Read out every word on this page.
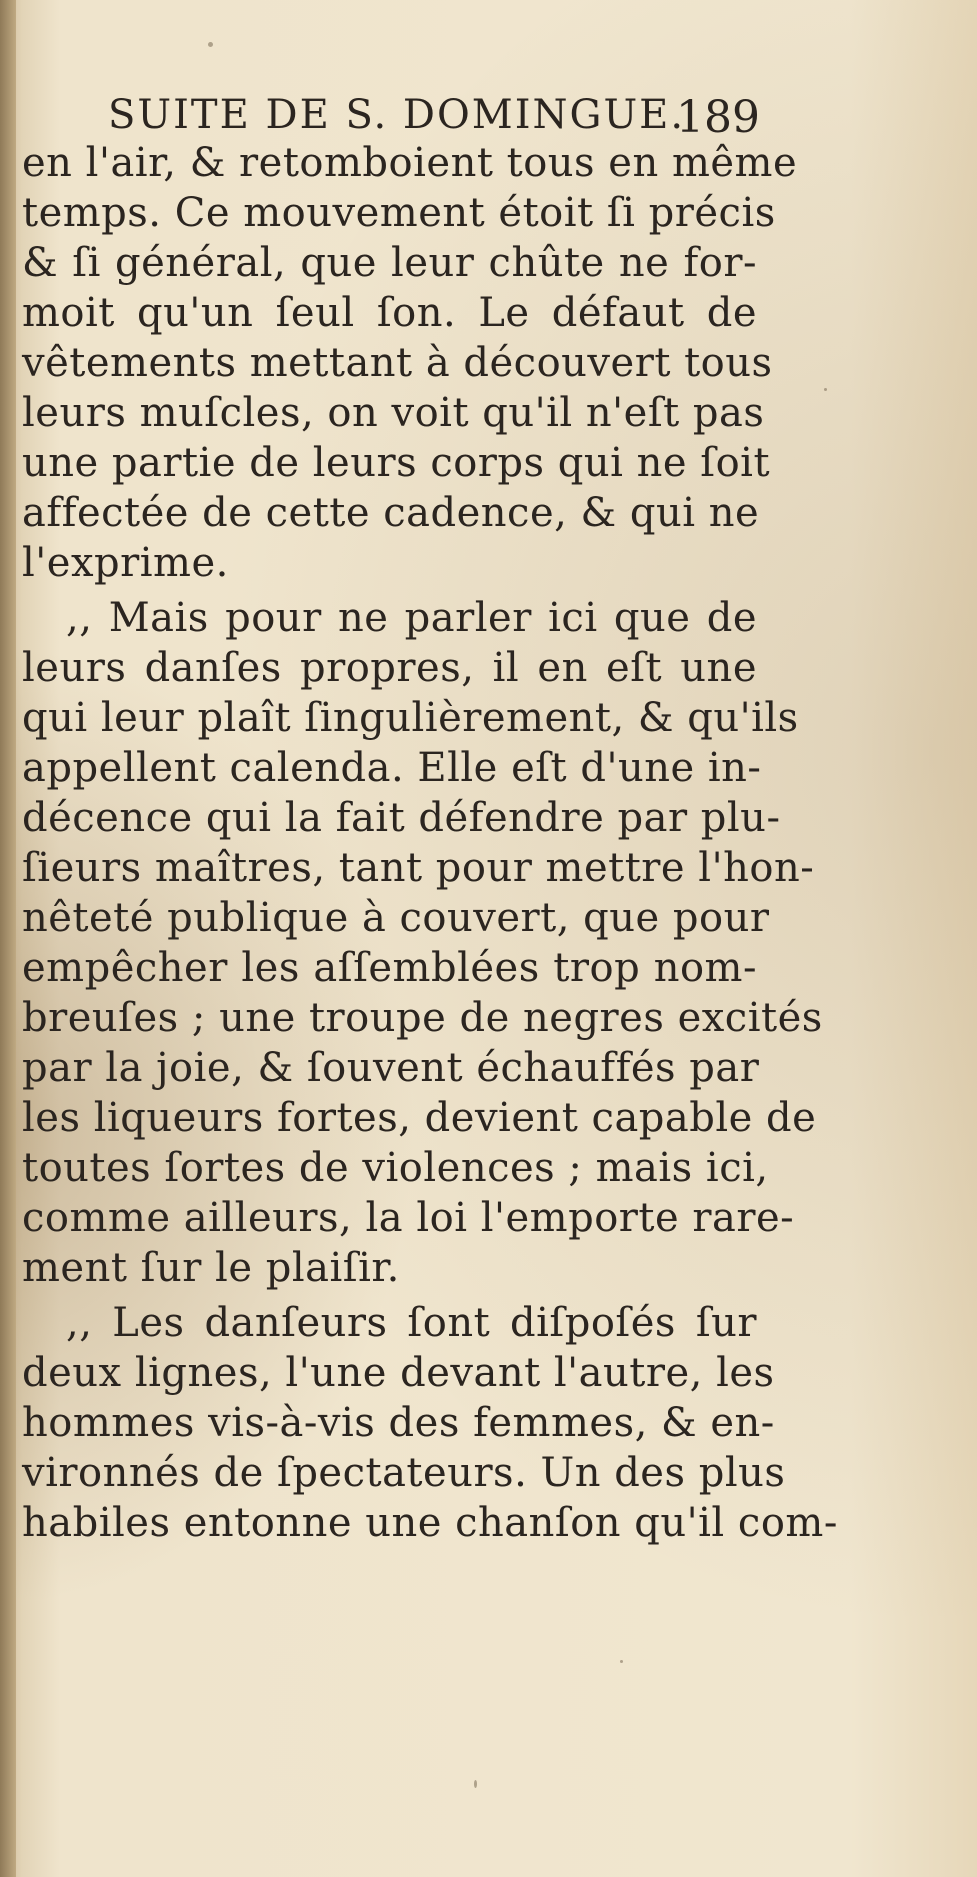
SUITE DE S. DOMINGUE.
189
en l'air, & retomboient tous en même
temps. Ce mouvement étoit ſi précis
& ſi général, que leur chûte ne for-
moit qu'un ſeul ſon. Le défaut de
vêtements mettant à découvert tous
leurs muſcles, on voit qu'il n'eſt pas
une partie de leurs corps qui ne ſoit
affectée de cette cadence, & qui ne
l'exprime.
,, Mais pour ne parler ici que de
leurs danſes propres, il en eſt une
qui leur plaît ſingulièrement, & qu'ils
appellent calenda. Elle eſt d'une in-
décence qui la fait défendre par plu-
ſieurs maîtres, tant pour mettre l'hon-
nêteté publique à couvert, que pour
empêcher les aſſemblées trop nom-
breuſes ; une troupe de negres excités
par la joie, & ſouvent échauffés par
les liqueurs fortes, devient capable de
toutes ſortes de violences ; mais ici,
comme ailleurs, la loi l'emporte rare-
ment ſur le plaiſir.
,, Les danſeurs ſont diſpoſés ſur
deux lignes, l'une devant l'autre, les
hommes vis-à-vis des femmes, & en-
vironnés de ſpectateurs. Un des plus
habiles entonne une chanſon qu'il com-
